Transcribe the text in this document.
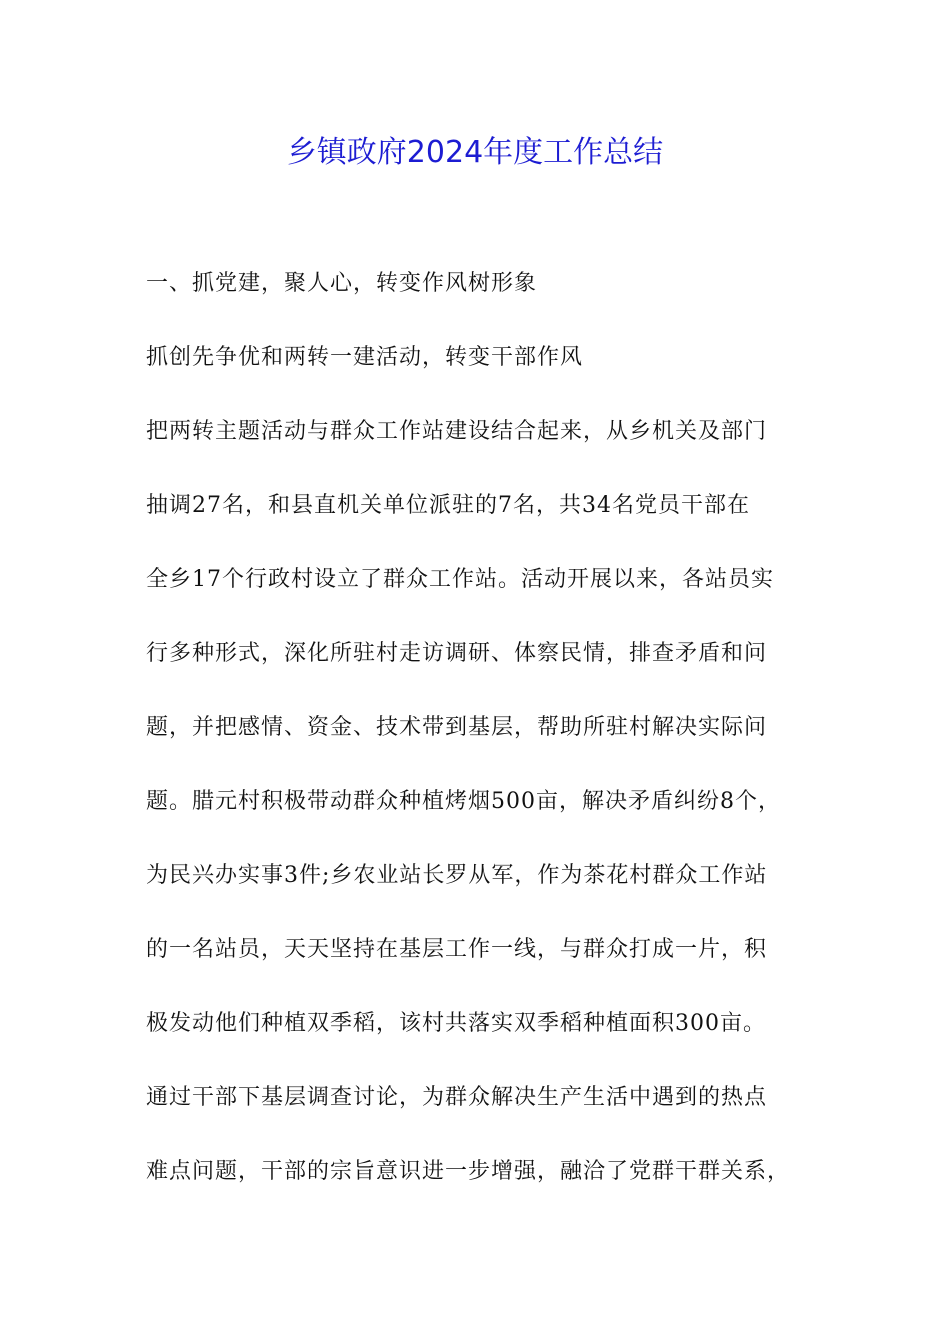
乡镇政府2024年度工作总结
一、抓党建，聚人心，转变作风树形象
抓创先争优和两转一建活动，转变干部作风
把两转主题活动与群众工作站建设结合起来，从乡机关及部门
抽调27名，和县直机关单位派驻的7名，共34名党员干部在
全乡17个行政村设立了群众工作站。活动开展以来，各站员实
行多种形式，深化所驻村走访调研、体察民情，排查矛盾和问
题，并把感情、资金、技术带到基层，帮助所驻村解决实际问
题。腊元村积极带动群众种植烤烟500亩，解决矛盾纠纷8个，
为民兴办实事3件;乡农业站长罗从军，作为茶花村群众工作站
的一名站员，天天坚持在基层工作一线，与群众打成一片，积
极发动他们种植双季稻，该村共落实双季稻种植面积300亩。
通过干部下基层调查讨论，为群众解决生产生活中遇到的热点
难点问题，干部的宗旨意识进一步增强，融洽了党群干群关系，
